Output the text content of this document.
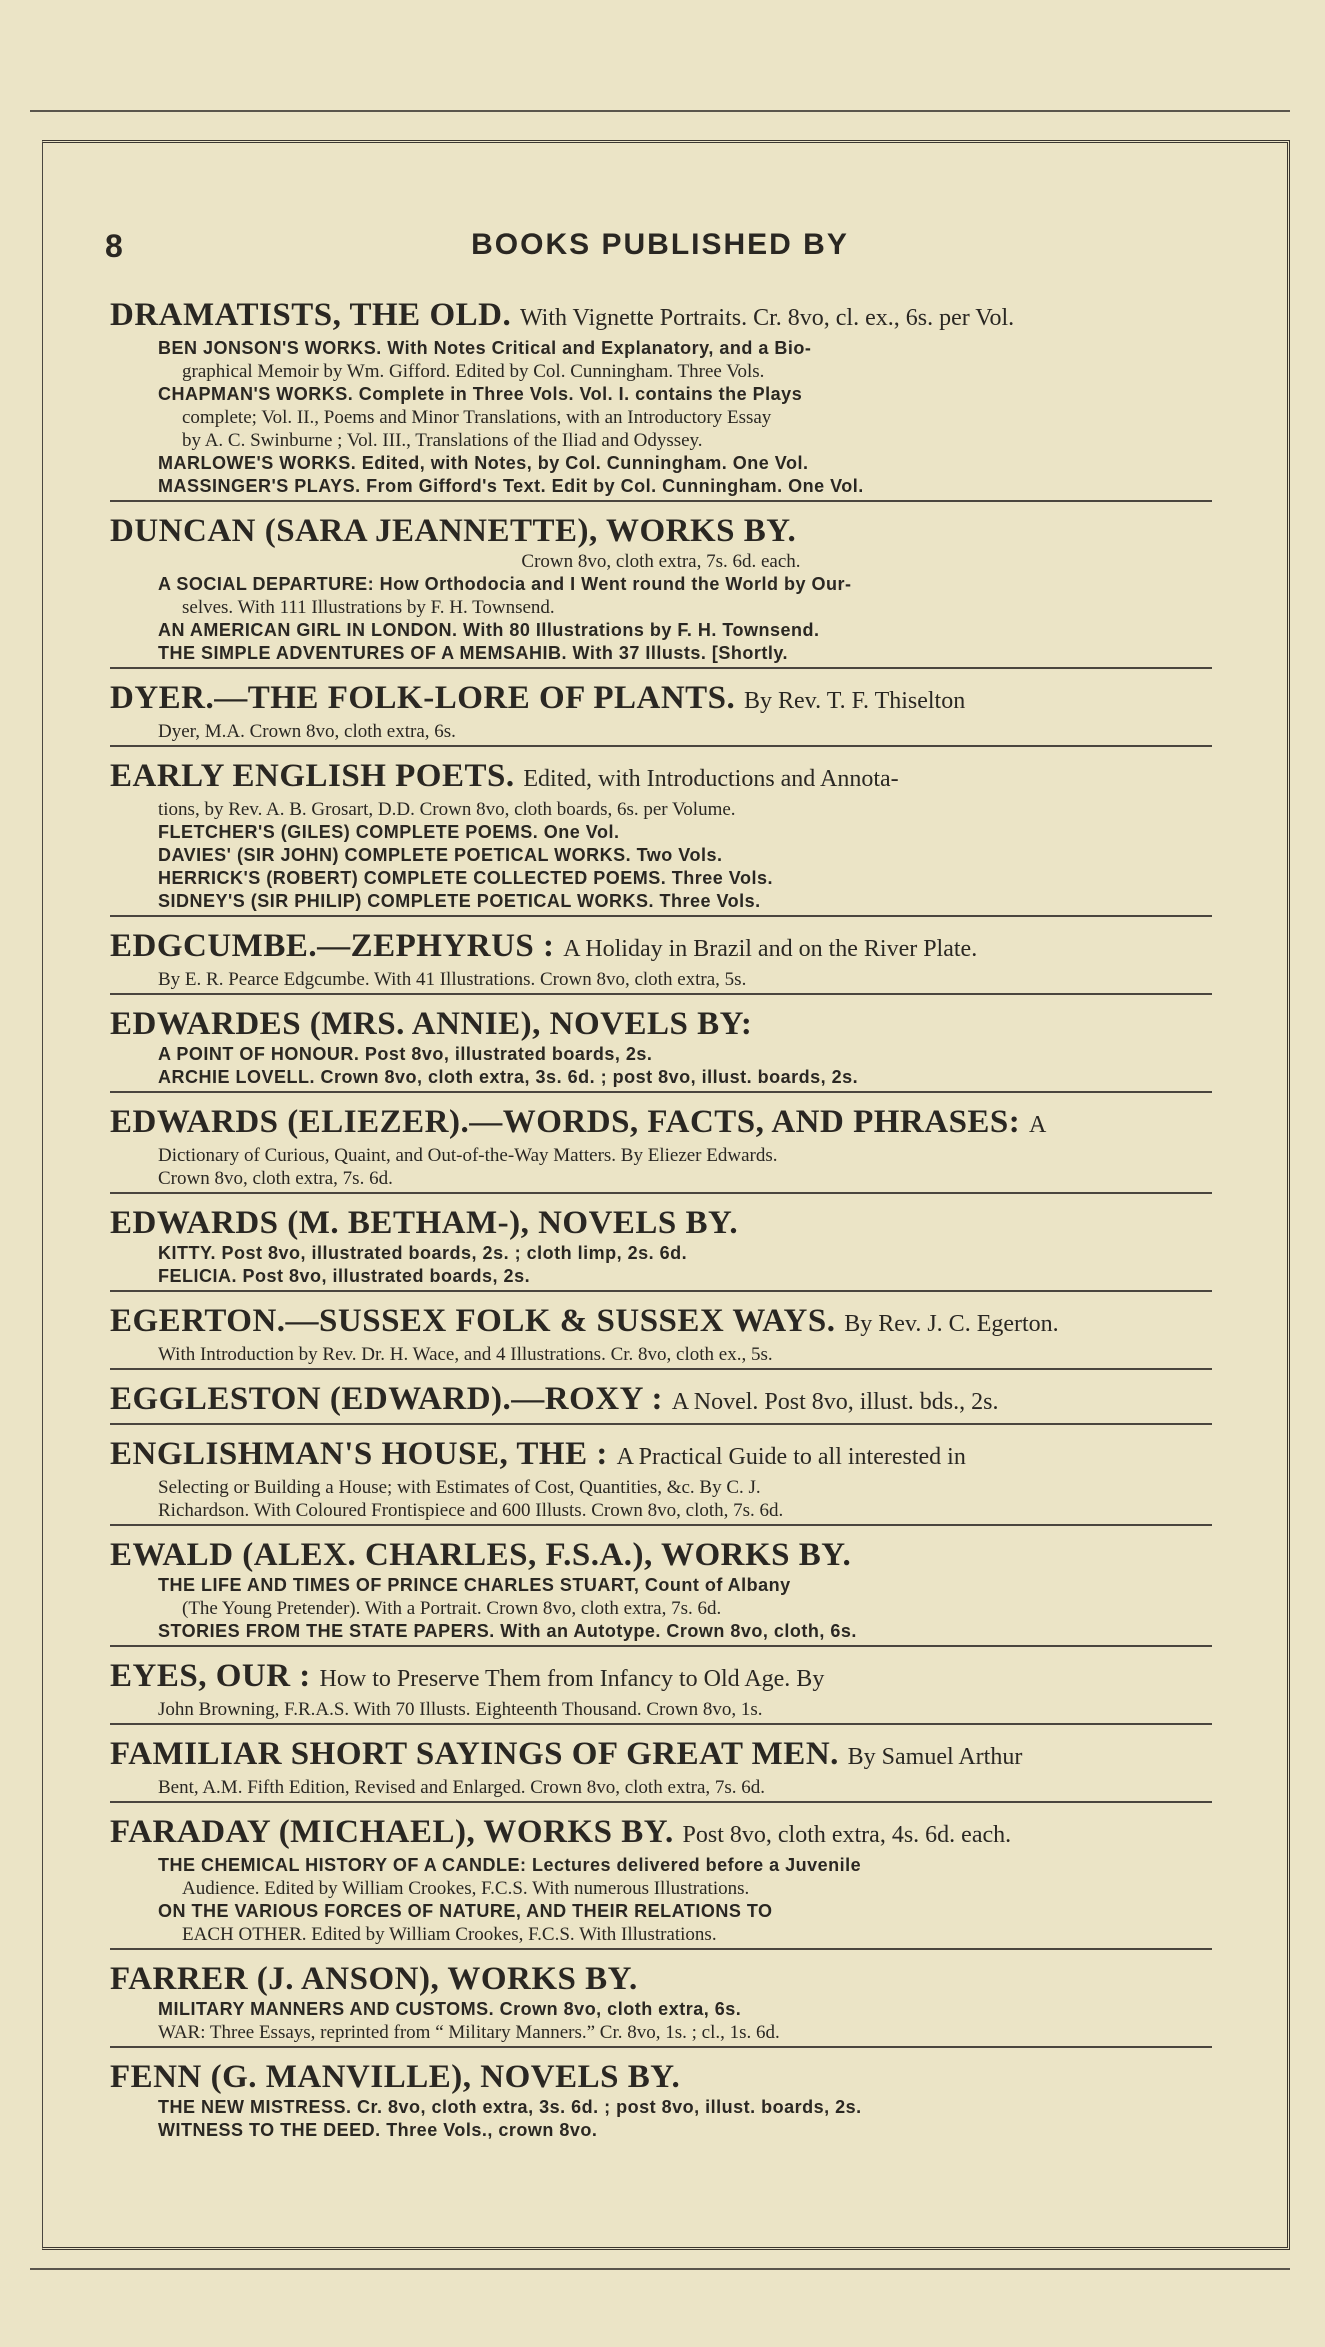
8	BOOKS PUBLISHED BY
DRAMATISTS, THE OLD. With Vignette Portraits. Cr. 8vo, cl. ex., 6s. per Vol.
BEN JONSON'S WORKS. With Notes Critical and Explanatory, and a Bio-
graphical Memoir by Wm. Gifford. Edited by Col. Cunningham. Three Vols.
CHAPMAN'S WORKS. Complete in Three Vols. Vol. I. contains the Plays
complete; Vol. II., Poems and Minor Translations, with an Introductory Essay
by A. C. Swinburne ; Vol. III., Translations of the Iliad and Odyssey.
MARLOWE'S WORKS. Edited, with Notes, by Col. Cunningham. One Vol.
MASSINGER'S PLAYS. From Gifford's Text. Edit by Col. Cunningham. One Vol.
DUNCAN (SARA JEANNETTE), WORKS BY.
Crown 8vo, cloth extra, 7s. 6d. each.
A SOCIAL DEPARTURE: How Orthodocia and I Went round the World by Our-
selves. With 111 Illustrations by F. H. Townsend.
AN AMERICAN GIRL IN LONDON. With 80 Illustrations by F. H. Townsend.
THE SIMPLE ADVENTURES OF A MEMSAHIB. With 37 Illusts. [Shortly.
DYER.—THE FOLK-LORE OF PLANTS. By Rev. T. F. Thiselton
Dyer, M.A. Crown 8vo, cloth extra, 6s.
EARLY ENGLISH POETS. Edited, with Introductions and Annota-
tions, by Rev. A. B. Grosart, D.D. Crown 8vo, cloth boards, 6s. per Volume.
FLETCHER'S (GILES) COMPLETE POEMS. One Vol.
DAVIES' (SIR JOHN) COMPLETE POETICAL WORKS. Two Vols.
HERRICK'S (ROBERT) COMPLETE COLLECTED POEMS. Three Vols.
SIDNEY'S (SIR PHILIP) COMPLETE POETICAL WORKS. Three Vols.
EDGCUMBE.—ZEPHYRUS : A Holiday in Brazil and on the River Plate.
By E. R. Pearce Edgcumbe. With 41 Illustrations. Crown 8vo, cloth extra, 5s.
EDWARDES (MRS. ANNIE), NOVELS BY:
A POINT OF HONOUR. Post 8vo, illustrated boards, 2s.
ARCHIE LOVELL. Crown 8vo, cloth extra, 3s. 6d. ; post 8vo, illust. boards, 2s.
EDWARDS (ELIEZER).—WORDS, FACTS, AND PHRASES: A
Dictionary of Curious, Quaint, and Out-of-the-Way Matters. By Eliezer Edwards.
Crown 8vo, cloth extra, 7s. 6d.
EDWARDS (M. BETHAM-), NOVELS BY.
KITTY. Post 8vo, illustrated boards, 2s. ; cloth limp, 2s. 6d.
FELICIA. Post 8vo, illustrated boards, 2s.
EGERTON.—SUSSEX FOLK & SUSSEX WAYS. By Rev. J. C. Egerton.
With Introduction by Rev. Dr. H. Wace, and 4 Illustrations. Cr. 8vo, cloth ex., 5s.
EGGLESTON (EDWARD).—ROXY : A Novel. Post 8vo, illust. bds., 2s.
ENGLISHMAN'S HOUSE, THE : A Practical Guide to all interested in
Selecting or Building a House; with Estimates of Cost, Quantities, &c. By C. J.
Richardson. With Coloured Frontispiece and 600 Illusts. Crown 8vo, cloth, 7s. 6d.
EWALD (ALEX. CHARLES, F.S.A.), WORKS BY.
THE LIFE AND TIMES OF PRINCE CHARLES STUART, Count of Albany
(The Young Pretender). With a Portrait. Crown 8vo, cloth extra, 7s. 6d.
STORIES FROM THE STATE PAPERS. With an Autotype. Crown 8vo, cloth, 6s.
EYES, OUR : How to Preserve Them from Infancy to Old Age. By
John Browning, F.R.A.S. With 70 Illusts. Eighteenth Thousand. Crown 8vo, 1s.
FAMILIAR SHORT SAYINGS OF GREAT MEN. By Samuel Arthur
Bent, A.M. Fifth Edition, Revised and Enlarged. Crown 8vo, cloth extra, 7s. 6d.
FARADAY (MICHAEL), WORKS BY. Post 8vo, cloth extra, 4s. 6d. each.
THE CHEMICAL HISTORY OF A CANDLE: Lectures delivered before a Juvenile
Audience. Edited by William Crookes, F.C.S. With numerous Illustrations.
ON THE VARIOUS FORCES OF NATURE, AND THEIR RELATIONS TO
EACH OTHER. Edited by William Crookes, F.C.S. With Illustrations.
FARRER (J. ANSON), WORKS BY.
MILITARY MANNERS AND CUSTOMS. Crown 8vo, cloth extra, 6s.
WAR: Three Essays, reprinted from “ Military Manners.” Cr. 8vo, 1s. ; cl., 1s. 6d.
FENN (G. MANVILLE), NOVELS BY.
THE NEW MISTRESS. Cr. 8vo, cloth extra, 3s. 6d. ; post 8vo, illust. boards, 2s.
WITNESS TO THE DEED. Three Vols., crown 8vo.
